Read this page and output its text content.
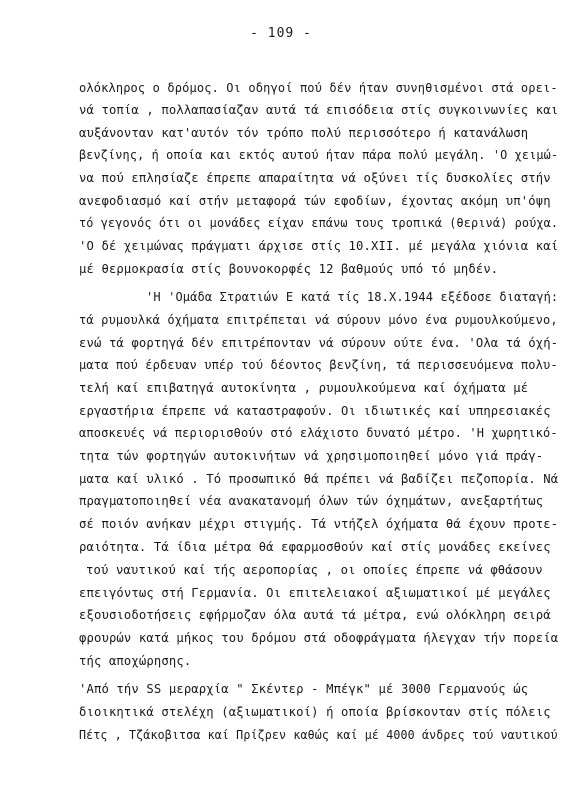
- 109 -
ολόκληρος ο δρόμος. Οι οδηγοί πού δέν ήταν συνηθισμένοι στά ορει-
νά τοπία , πολλαπασίαζαν αυτά τά επισόδεια στίς συγκοινωνίες και
αυξάνονταν κατ'αυτόν τόν τρόπο πολύ περισσότερο ή κατανάλωση
βενζίνης, ή οποία και εκτός αυτού ήταν πάρα πολύ μεγάλη. 'Ο χειμώ-
να πού επλησίαζε έπρεπε απαραίτητα νά οξύνει τίς δυσκολίες στήν
ανεφοδιασμό καί στήν μεταφορά τών εφοδίων, έχοντας ακόμη υπ'όψη
τό γεγονός ότι οι μονάδες είχαν επάνω τους τροπικά (θερινά) ρούχα.
'Ο δέ χειμώνας πράγματι άρχισε στίς 10.XII. μέ μεγάλα χιόνια καί
μέ θερμοκρασία στίς βουνοκορφές 12 βαθμούς υπό τό μηδέν.
'Η 'Ομάδα Στρατιών Ε κατά τίς 18.X.1944 εξέδοσε διαταγή:
τά ρυμουλκά όχήματα επιτρέπεται νά σύρουν μόνο ένα ρυμουλκούμενο,
ενώ τά φορτηγά δέν επιτρέπονταν νά σύρουν ούτε ένα. 'Ολα τά όχή-
ματα πού έρδευαν υπέρ τού δέοντος βενζίνη, τά περισσευόμενα πολυ-
τελή καί επιβατηγά αυτοκίνητα , ρυμουλκούμενα καί όχήματα μέ
εργαστήρια έπρεπε νά καταστραφούν. Οι ιδιωτικές καί υπηρεσιακές
αποσκευές νά περιορισθούν στό ελάχιστο δυνατό μέτρο. 'Η χωρητικό-
τητα τών φορτηγών αυτοκινήτων νά χρησιμοποιηθεί μόνο γιά πράγ-
ματα καί υλικό . Τό προσωπικό θά πρέπει νά βαδίζει πεζοπορία. Νά
πραγματοποιηθεί νέα ανακατανομή όλων τών όχημάτων, ανεξαρτήτως
σέ ποιόν ανήκαν μέχρι στιγμής. Τά ντήζελ όχήματα θά έχουν προτε-
ραιότητα. Τά ίδια μέτρα θά εφαρμοσθούν καί στίς μονάδες εκείνες
τού ναυτικού καί τής αεροπορίας , οι οποίες έπρεπε νά φθάσουν
επειγόντως στή Γερμανία. Οι επιτελειακοί αξιωματικοί μέ μεγάλες
εξουσιοδοτήσεις εφήρμοζαν όλα αυτά τά μέτρα, ενώ ολόκληρη σειρά
φρουρών κατά μήκος του δρόμου στά οδοφράγματα ήλεγχαν τήν πορεία
τής αποχώρησης.
'Από τήν SS μεραρχία " Σκέντερ - Μπέγκ" μέ 3000 Γερμανούς ώς
διοικητικά στελέχη (αξιωματικοί) ή οποία βρίσκονταν στίς πόλεις
Πέτς , Τζάκοβιτσα καί Πρίζρεν καθώς καί μέ 4000 άνδρες τού ναυτικού
